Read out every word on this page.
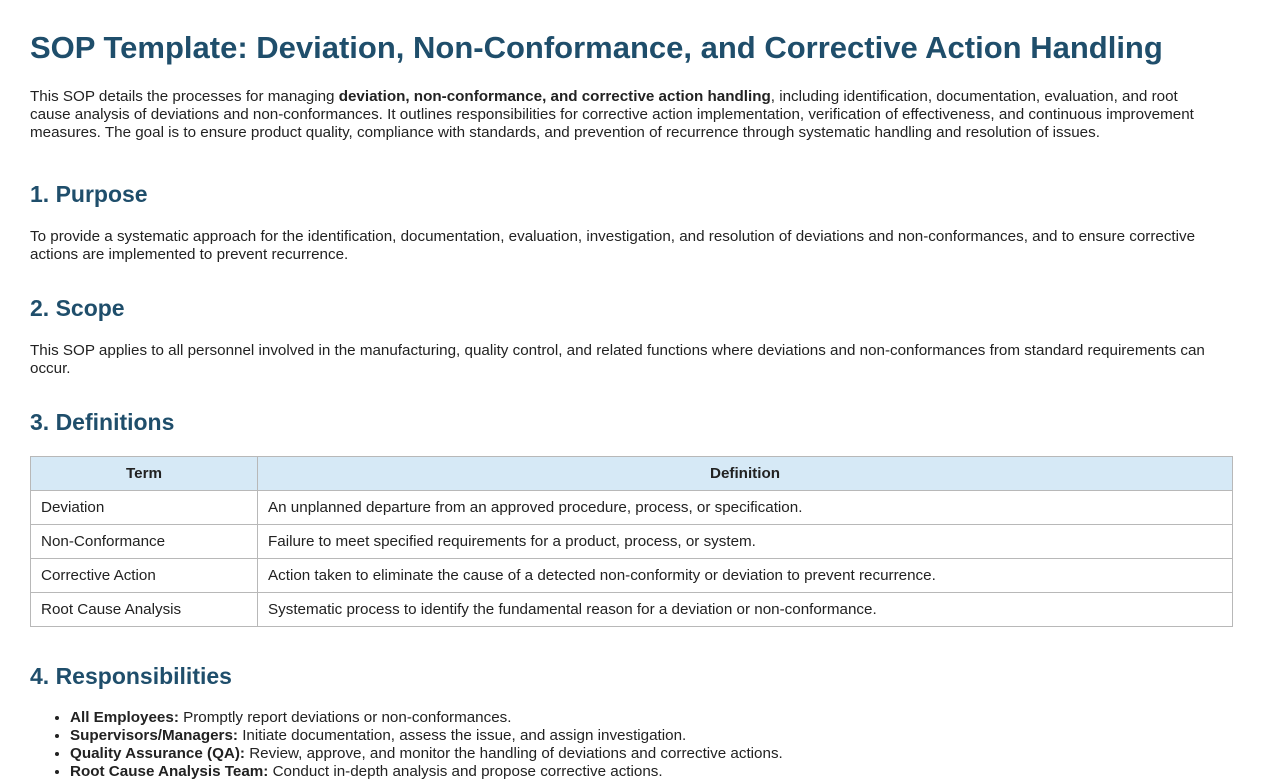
SOP Template: Deviation, Non-Conformance, and Corrective Action Handling

This SOP details the processes for managing deviation, non-conformance, and corrective action handling, including identification, documentation, evaluation, and root cause analysis of deviations and non-conformances. It outlines responsibilities for corrective action implementation, verification of effectiveness, and continuous improvement measures. The goal is to ensure product quality, compliance with standards, and prevention of recurrence through systematic handling and resolution of issues.

1. Purpose

To provide a systematic approach for the identification, documentation, evaluation, investigation, and resolution of deviations and non-conformances, and to ensure corrective actions are implemented to prevent recurrence.

2. Scope

This SOP applies to all personnel involved in the manufacturing, quality control, and related functions where deviations and non-conformances from standard requirements can occur.

3. Definitions
Term	Definition
Deviation	An unplanned departure from an approved procedure, process, or specification.
Non-Conformance	Failure to meet specified requirements for a product, process, or system.
Corrective Action	Action taken to eliminate the cause of a detected non-conformity or deviation to prevent recurrence.
Root Cause Analysis	Systematic process to identify the fundamental reason for a deviation or non-conformance.
4. Responsibilities
• All Employees: Promptly report deviations or non-conformances.
• Supervisors/Managers: Initiate documentation, assess the issue, and assign investigation.
• Quality Assurance (QA): Review, approve, and monitor the handling of deviations and corrective actions.
• Root Cause Analysis Team: Conduct in-depth analysis and propose corrective actions.
